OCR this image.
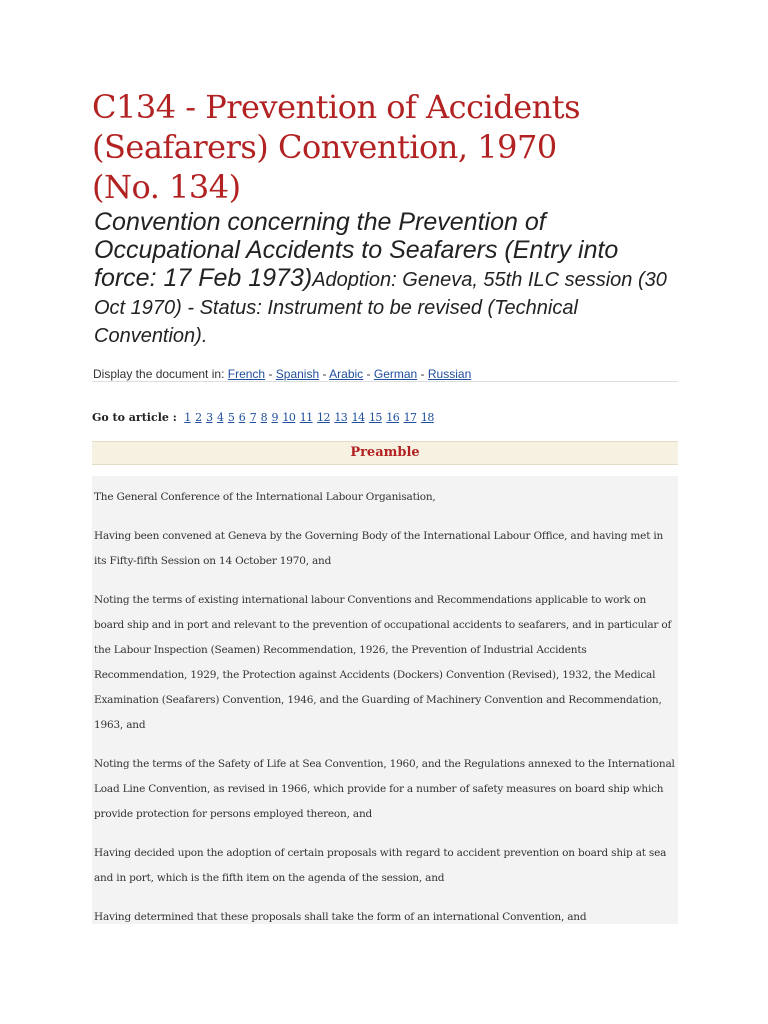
C134 - Prevention of Accidents
(Seafarers) Convention, 1970
(No. 134)

Convention concerning the Prevention of Occupational Accidents to Seafarers (Entry into force: 17 Feb 1973)Adoption: Geneva, 55th ILC session (30 Oct 1970) - Status: Instrument to be revised (Technical Convention).

Display the document in: French - Spanish - Arabic - German - Russian
Go to article : 1 2 3 4 5 6 7 8 9 10 11 12 13 14 15 16 17 18
Preamble

The General Conference of the International Labour Organisation,

Having been convened at Geneva by the Governing Body of the International Labour Office, and having met in its Fifty-fifth Session on 14 October 1970, and

Noting the terms of existing international labour Conventions and Recommendations applicable to work on board ship and in port and relevant to the prevention of occupational accidents to seafarers, and in particular of the Labour Inspection (Seamen) Recommendation, 1926, the Prevention of Industrial Accidents Recommendation, 1929, the Protection against Accidents (Dockers) Convention (Revised), 1932, the Medical Examination (Seafarers) Convention, 1946, and the Guarding of Machinery Convention and Recommendation, 1963, and

Noting the terms of the Safety of Life at Sea Convention, 1960, and the Regulations annexed to the International Load Line Convention, as revised in 1966, which provide for a number of safety measures on board ship which provide protection for persons employed thereon, and

Having decided upon the adoption of certain proposals with regard to accident prevention on board ship at sea and in port, which is the fifth item on the agenda of the session, and

Having determined that these proposals shall take the form of an international Convention, and
